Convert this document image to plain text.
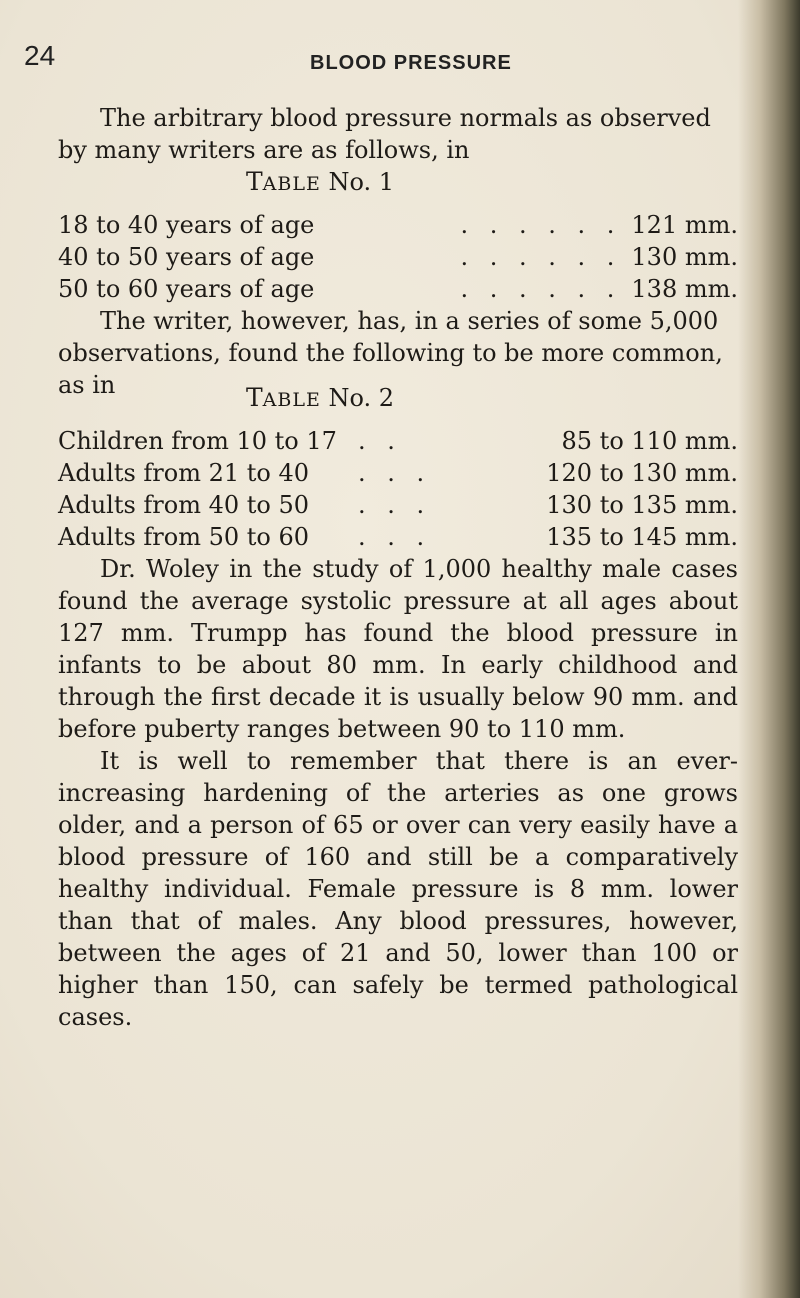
24	BLOOD PRESSURE

The arbitrary blood pressure normals as observed by many writers are as follows, in

TABLE No. 1

18 to 40 years of age	. . . . . . 121 mm.
40 to 50 years of age	. . . . . . 130 mm.
50 to 60 years of age	. . . . . . 138 mm.

The writer, however, has, in a series of some 5,000 observations, found the following to be more common, as in	TABLE No. 2

Children from 10 to 17 . .	85 to 110 mm.
Adults from 21 to 40	. . .	120 to 130 mm.
Adults from 40 to 50	. . .	130 to 135 mm.
Adults from 50 to 60	. . .	135 to 145 mm.

Dr. Woley in the study of 1,000 healthy male cases found the average systolic pressure at all ages about 127 mm. Trumpp has found the blood pressure in infants to be about 80 mm. In early childhood and through the first decade it is usually below 90 mm. and before puberty ranges between 90 to 110 mm.

It is well to remember that there is an ever-increasing hardening of the arteries as one grows older, and a person of 65 or over can very easily have a blood pressure of 160 and still be a comparatively healthy individual. Female pressure is 8 mm. lower than that of males. Any blood pressures, however, between the ages of 21 and 50, lower than 100 or higher than 150, can safely be termed pathological cases.
